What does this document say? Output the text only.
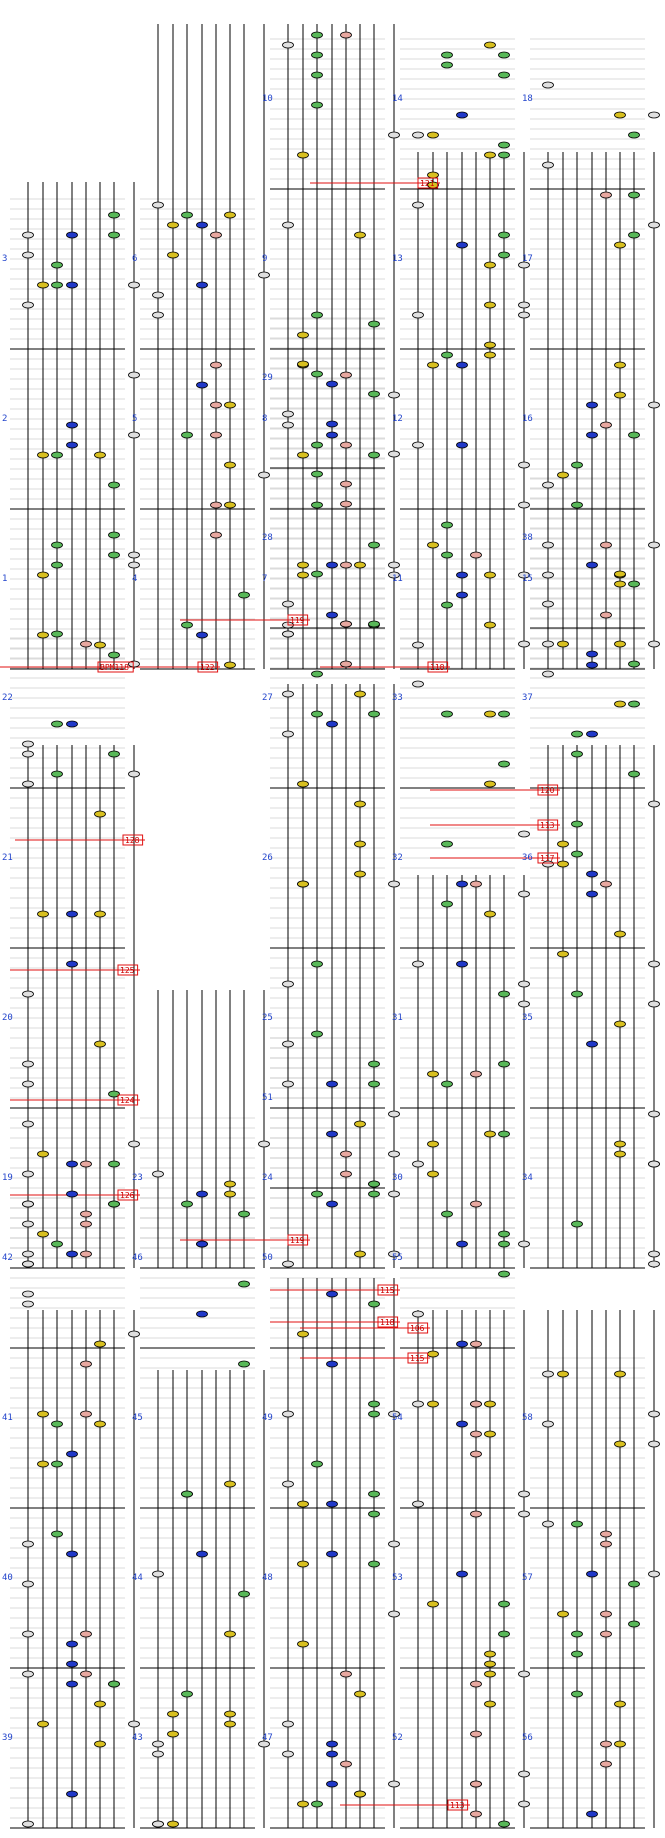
1
2
3
4
5
6
7
8
9
10
11
12
13
14
15
16
17
18
19
20
21
22
23	24
25
26
27
28
29
30
31
32
33
34
35
36
37
38
39
40
41
42
43
44
45
46
47
48
49
50
51
52
53
54
55
56
57
58
BPM118	122
119
121
118
128
124
125
126
119
120
113
117
115
118
106
115
113
